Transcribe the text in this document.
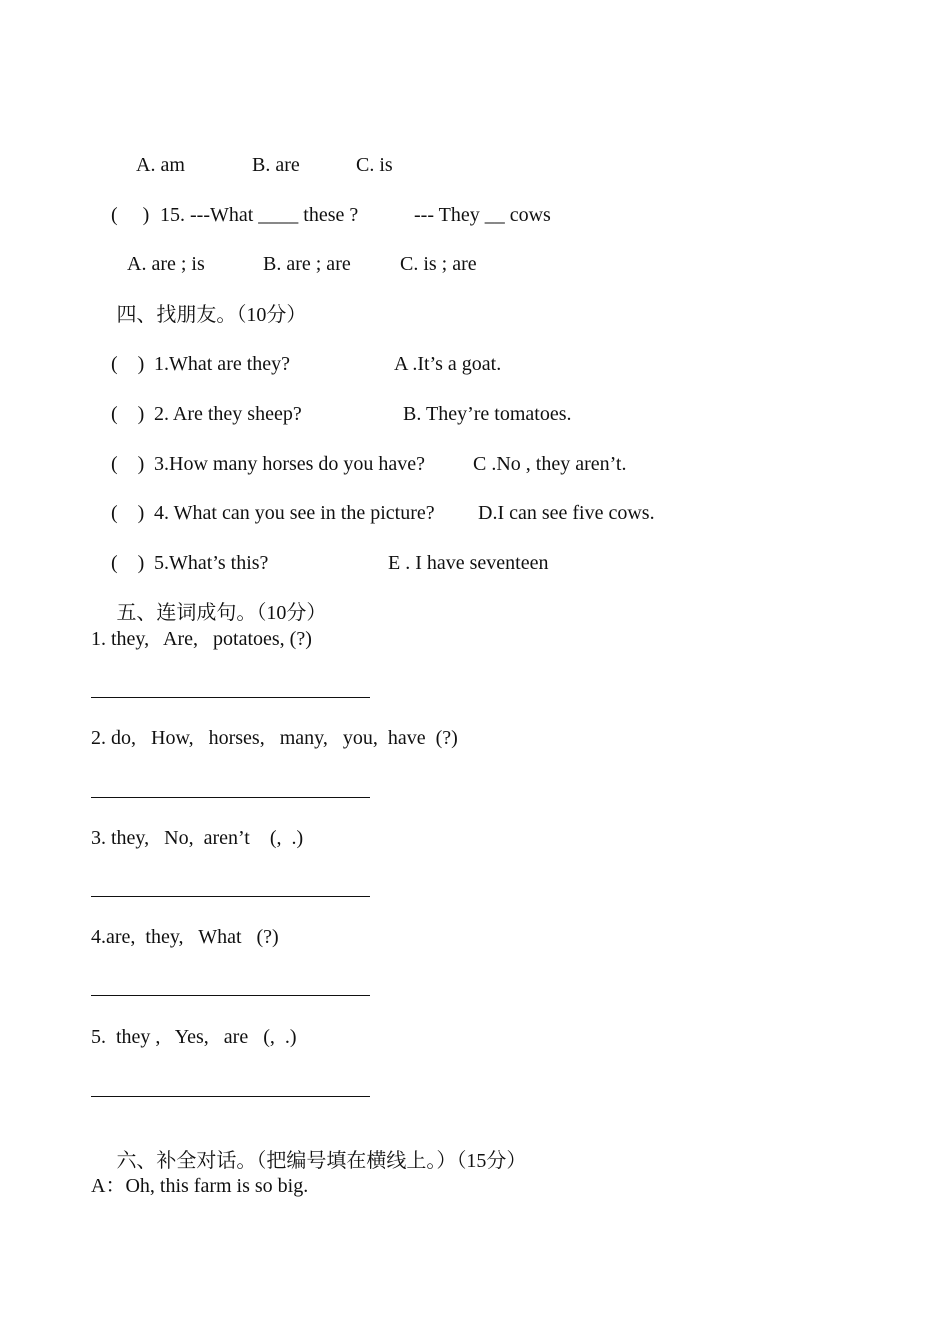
A. am	B. are	C. is

(     ) 15. ---What ____ these ?	--- They __ cows

A. are ; is	B. are ; are C. is ; are

四、找朋友。（10分）

(    ) 1.What are they?	A .It’s a goat.

(    ) 2. Are they sheep?	B. They’re tomatoes.

(    ) 3.How many horses do you have? C .No , they aren’t.

(    ) 4. What can you see in the picture? D.I can see five cows.

(    ) 5.What’s this?	E . I have seventeen

五、连词成句。（10分）

1. they,   Are,   potatoes, (?)
2. do,   How,   horses,   many,   you,  have  (?)
3. they,   No,  aren’t    (,  .)
4.are,  they,   What   (?)
5.  they ,   Yes,   are   (,  .)

六、补全对话。（把编号填在横线上。）（15分）

A：Oh, this farm is so big.
